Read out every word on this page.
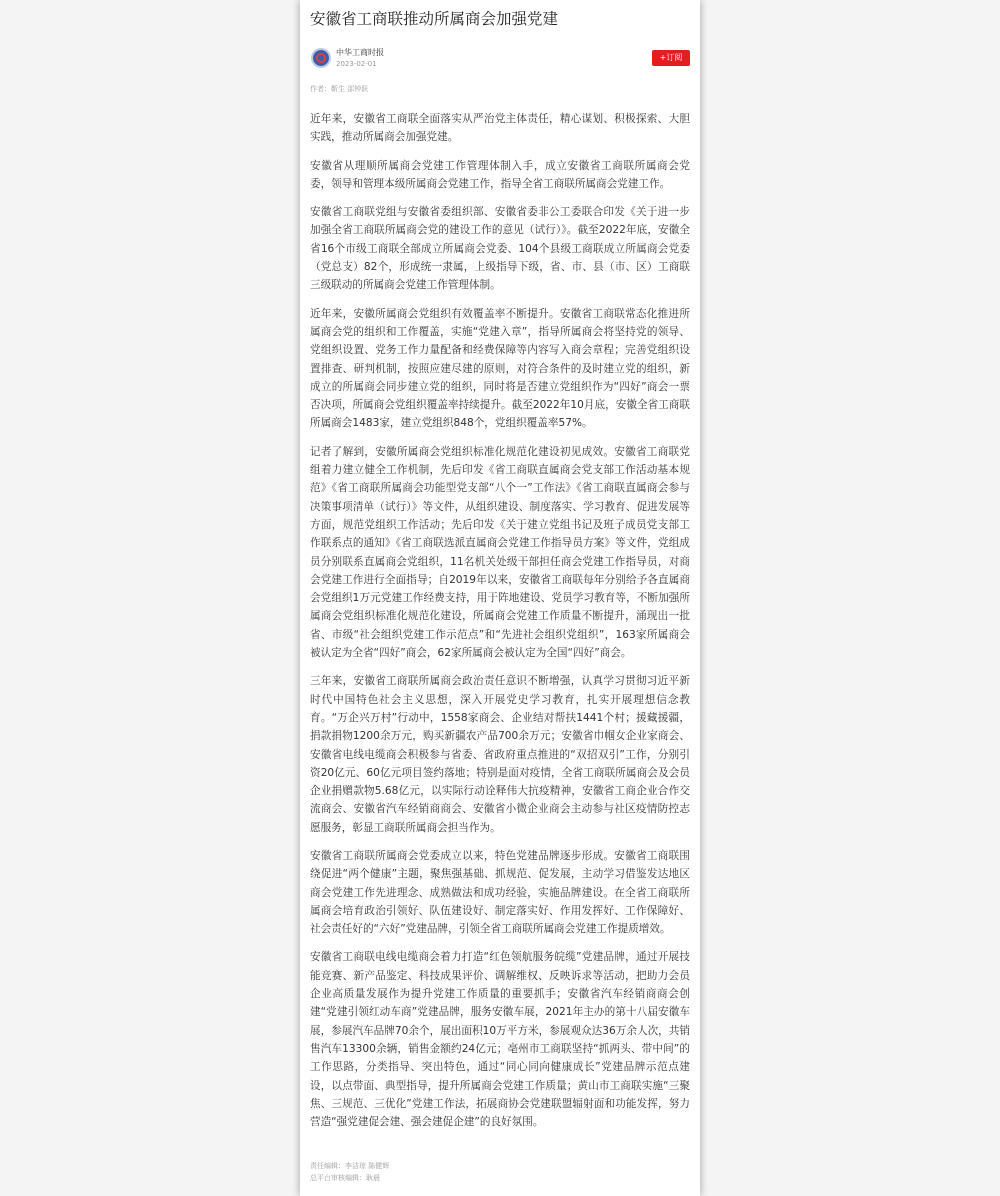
安徽省工商联推动所属商会加强党建
中华工商时报
2023-02-01
+订阅
作者：靳生 邵钟跃

近年来，安徽省工商联全面落实从严治党主体责任，精心谋划、积极探索、大胆实践，推动所属商会加强党建。

安徽省从理顺所属商会党建工作管理体制入手，成立安徽省工商联所属商会党委，领导和管理本级所属商会党建工作，指导全省工商联所属商会党建工作。

安徽省工商联党组与安徽省委组织部、安徽省委非公工委联合印发《关于进一步加强全省工商联所属商会党的建设工作的意见（试行）》。截至2022年底，安徽全省16个市级工商联全部成立所属商会党委、104个县级工商联成立所属商会党委（党总支）82个，形成统一隶属，上级指导下级，省、市、县（市、区）工商联三级联动的所属商会党建工作管理体制。

近年来，安徽所属商会党组织有效覆盖率不断提升。安徽省工商联常态化推进所属商会党的组织和工作覆盖，实施“党建入章”，指导所属商会将坚持党的领导、党组织设置、党务工作力量配备和经费保障等内容写入商会章程；完善党组织设置排查、研判机制，按照应建尽建的原则，对符合条件的及时建立党的组织，新成立的所属商会同步建立党的组织，同时将是否建立党组织作为“四好”商会一票否决项，所属商会党组织覆盖率持续提升。截至2022年10月底，安徽全省工商联所属商会1483家，建立党组织848个，党组织覆盖率57%。

记者了解到，安徽所属商会党组织标准化规范化建设初见成效。安徽省工商联党组着力建立健全工作机制，先后印发《省工商联直属商会党支部工作活动基本规范》《省工商联所属商会功能型党支部“八个一”工作法》《省工商联直属商会参与决策事项清单（试行）》等文件，从组织建设、制度落实、学习教育、促进发展等方面，规范党组织工作活动；先后印发《关于建立党组书记及班子成员党支部工作联系点的通知》《省工商联选派直属商会党建工作指导员方案》等文件，党组成员分别联系直属商会党组织，11名机关处级干部担任商会党建工作指导员，对商会党建工作进行全面指导；自2019年以来，安徽省工商联每年分别给予各直属商会党组织1万元党建工作经费支持，用于阵地建设、党员学习教育等，不断加强所属商会党组织标准化规范化建设，所属商会党建工作质量不断提升，涌现出一批省、市级“社会组织党建工作示范点”和“先进社会组织党组织”，163家所属商会被认定为全省“四好”商会，62家所属商会被认定为全国“四好”商会。

三年来，安徽省工商联所属商会政治责任意识不断增强，认真学习贯彻习近平新时代中国特色社会主义思想，深入开展党史学习教育，扎实开展理想信念教育。“万企兴万村”行动中，1558家商会、企业结对帮扶1441个村；援藏援疆，捐款捐物1200余万元，购买新疆农产品700余万元；安徽省巾帼女企业家商会、安徽省电线电缆商会积极参与省委、省政府重点推进的“双招双引”工作，分别引资20亿元、60亿元项目签约落地；特别是面对疫情，全省工商联所属商会及会员企业捐赠款物5.68亿元，以实际行动诠释伟大抗疫精神，安徽省工商企业合作交流商会、安徽省汽车经销商商会、安徽省小微企业商会主动参与社区疫情防控志愿服务，彰显工商联所属商会担当作为。

安徽省工商联所属商会党委成立以来，特色党建品牌逐步形成。安徽省工商联围绕促进“两个健康”主题，聚焦强基础、抓规范、促发展，主动学习借鉴发达地区商会党建工作先进理念、成熟做法和成功经验，实施品牌建设。在全省工商联所属商会培育政治引领好、队伍建设好、制定落实好、作用发挥好、工作保障好、社会责任好的“六好”党建品牌，引领全省工商联所属商会党建工作提质增效。

安徽省工商联电线电缆商会着力打造“红色领航服务皖缆”党建品牌，通过开展技能竞赛、新产品鉴定、科技成果评价、调解维权、反映诉求等活动，把助力会员企业高质量发展作为提升党建工作质量的重要抓手；安徽省汽车经销商商会创建“党建引领红动车商”党建品牌，服务安徽车展，2021年主办的第十八届安徽车展，参展汽车品牌70余个，展出面积10万平方米，参展观众达36万余人次，共销售汽车13300余辆，销售金额约24亿元；亳州市工商联坚持“抓两头、带中间”的工作思路，分类指导、突出特色，通过“同心同向健康成长”党建品牌示范点建设，以点带面、典型指导，提升所属商会党建工作质量；黄山市工商联实施“三聚焦、三规范、三优化”党建工作法，拓展商协会党建联盟辐射面和功能发挥，努力营造“强党建促会建、强会建促企建”的良好氛围。

责任编辑：李洁琼 陈健辉
总平台审核编辑：耿晨
